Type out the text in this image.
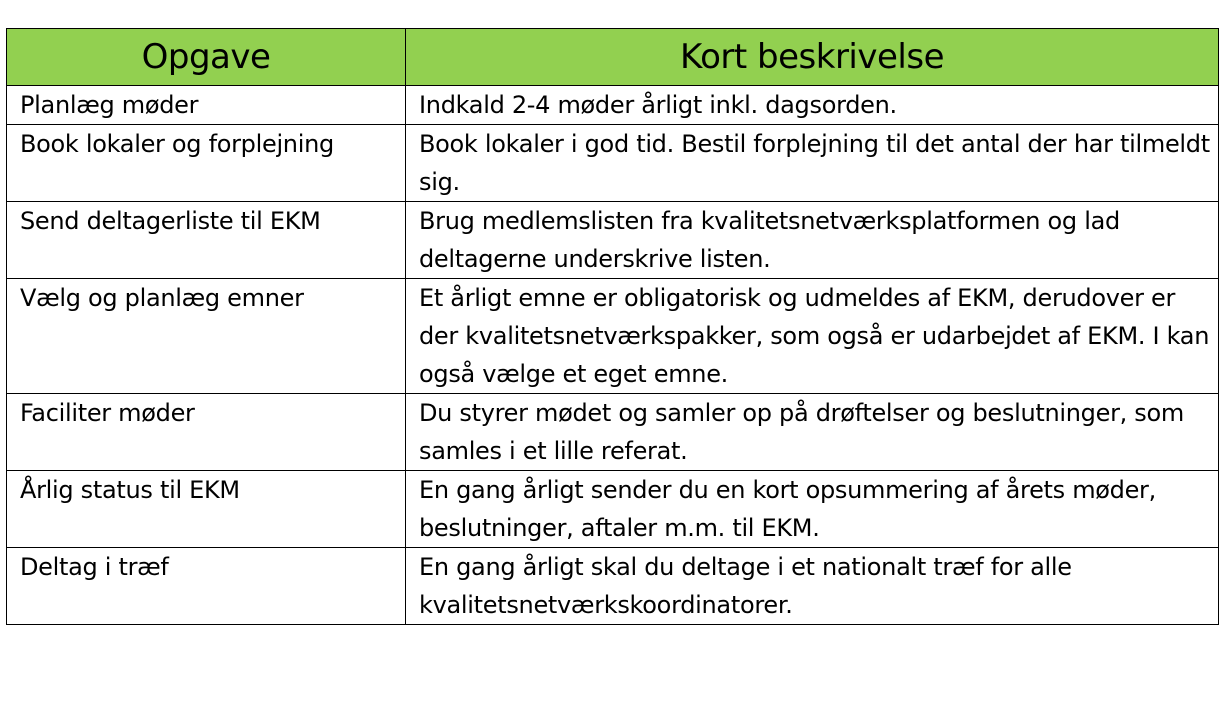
Opgave	Kort beskrivelse
Planlæg møder	Indkald 2-4 møder årligt inkl. dagsorden.
Book lokaler og forplejning	Book lokaler i god tid. Bestil forplejning til det antal der har tilmeldt sig.
Send deltagerliste til EKM	Brug medlemslisten fra kvalitetsnetværksplatformen og lad deltagerne underskrive listen.
Vælg og planlæg emner	Et årligt emne er obligatorisk og udmeldes af EKM, derudover er der kvalitetsnetværkspakker, som også er udarbejdet af EKM. I kan også vælge et eget emne.
Faciliter møder	Du styrer mødet og samler op på drøftelser og beslutninger, som samles i et lille referat.
Årlig status til EKM	En gang årligt sender du en kort opsummering af årets møder, beslutninger, aftaler m.m. til EKM.
Deltag i træf	En gang årligt skal du deltage i et nationalt træf for alle kvalitetsnetværkskoordinatorer.
